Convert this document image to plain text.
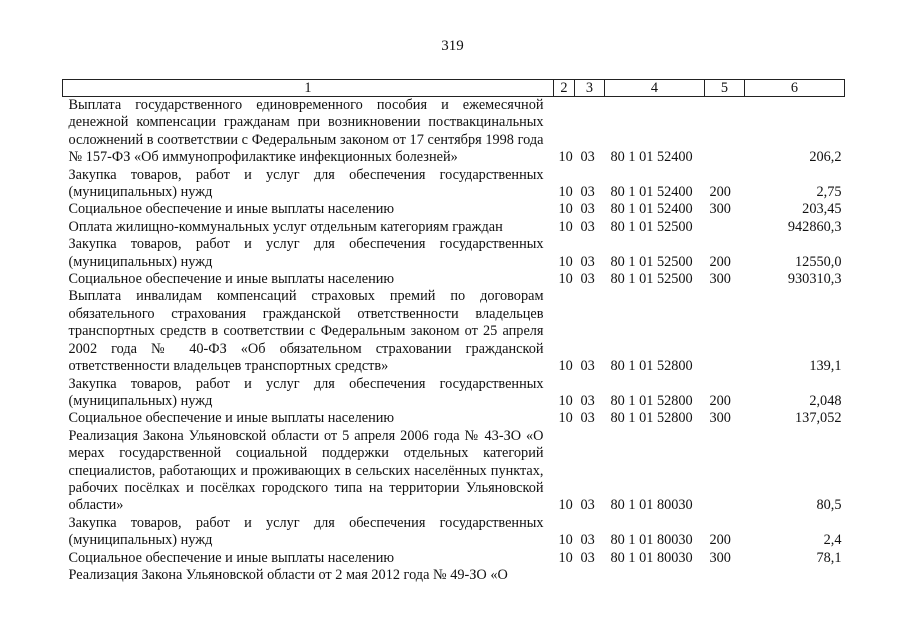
319
1	2	3	4	5	6
Выплата государственного единовременного пособия и ежемесячной денежной компенсации гражданам при возникновении поствакцинальных осложнений в соответствии с Федеральным законом от 17 сентября 1998 года № 157-ФЗ «Об иммунопрофилактике инфекционных болезней»	10	03	80 1 01 52400		206,2
Закупка товаров, работ и услуг для обеспечения государственных (муниципальных) нужд	10	03	80 1 01 52400	200	2,75
Социальное обеспечение и иные выплаты населению	10	03	80 1 01 52400	300	203,45
Оплата жилищно-коммунальных услуг отдельным категориям граждан	10	03	80 1 01 52500		942860,3
Закупка товаров, работ и услуг для обеспечения государственных (муниципальных) нужд	10	03	80 1 01 52500	200	12550,0
Социальное обеспечение и иные выплаты населению	10	03	80 1 01 52500	300	930310,3
Выплата инвалидам компенсаций страховых премий по договорам обязательного страхования гражданской ответственности владельцев транспортных средств в соответствии с Федеральным законом от 25 апреля 2002 года № 40-ФЗ «Об обязательном страховании гражданской ответственности владельцев транспортных средств»	10	03	80 1 01 52800		139,1
Закупка товаров, работ и услуг для обеспечения государственных (муниципальных) нужд	10	03	80 1 01 52800	200	2,048
Социальное обеспечение и иные выплаты населению	10	03	80 1 01 52800	300	137,052
Реализация Закона Ульяновской области от 5 апреля 2006 года № 43-ЗО «О мерах государственной социальной поддержки отдельных категорий специалистов, работающих и проживающих в сельских населённых пунктах, рабочих посёлках и посёлках городского типа на территории Ульяновской области»	10	03	80 1 01 80030		80,5
Закупка товаров, работ и услуг для обеспечения государственных (муниципальных) нужд	10	03	80 1 01 80030	200	2,4
Социальное обеспечение и иные выплаты населению	10	03	80 1 01 80030	300	78,1
Реализация Закона Ульяновской области от 2 мая 2012 года № 49-ЗО «О					
